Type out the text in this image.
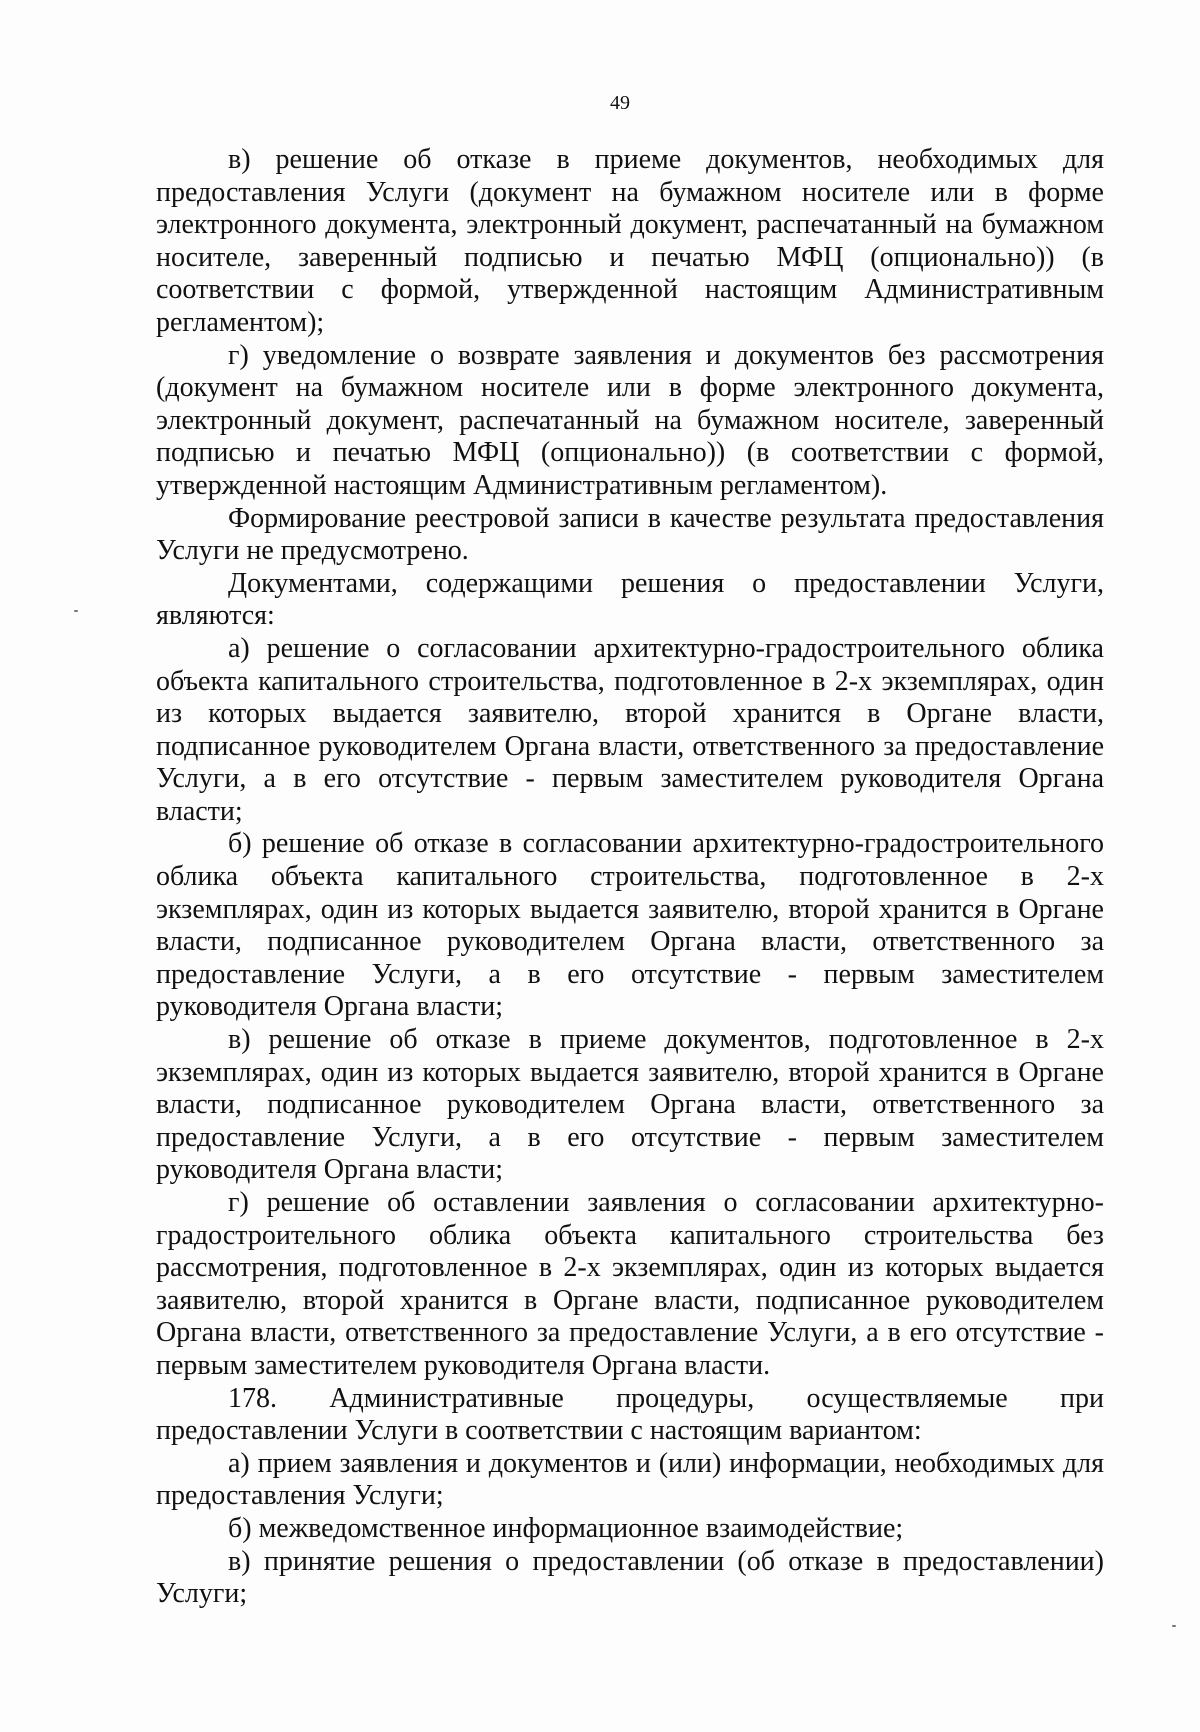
49

в) решение об отказе в приеме документов, необходимых для предоставления Услуги (документ на бумажном носителе или в форме электронного документа, электронный документ, распечатанный на бумажном носителе, заверенный подписью и печатью МФЦ (опционально)) (в соответствии с формой, утвержденной настоящим Административным регламентом);

г) уведомление о возврате заявления и документов без рассмотрения (документ на бумажном носителе или в форме электронного документа, электронный документ, распечатанный на бумажном носителе, заверенный подписью и печатью МФЦ (опционально)) (в соответствии с формой, утвержденной настоящим Административным регламентом).

Формирование реестровой записи в качестве результата предоставления Услуги не предусмотрено.

Документами, содержащими решения о предоставлении Услуги, являются:

а) решение о согласовании архитектурно-градостроительного облика объекта капитального строительства, подготовленное в 2-х экземплярах, один из которых выдается заявителю, второй хранится в Органе власти, подписанное руководителем Органа власти, ответственного за предоставление Услуги, а в его отсутствие - первым заместителем руководителя Органа власти;

б) решение об отказе в согласовании архитектурно-градостроительного облика объекта капитального строительства, подготовленное в 2-х экземплярах, один из которых выдается заявителю, второй хранится в Органе власти, подписанное руководителем Органа власти, ответственного за предоставление Услуги, а в его отсутствие - первым заместителем руководителя Органа власти;

в) решение об отказе в приеме документов, подготовленное в 2-х экземплярах, один из которых выдается заявителю, второй хранится в Органе власти, подписанное руководителем Органа власти, ответственного за предоставление Услуги, а в его отсутствие - первым заместителем руководителя Органа власти;

г) решение об оставлении заявления о согласовании архитектурно-градостроительного облика объекта капитального строительства без рассмотрения, подготовленное в 2-х экземплярах, один из которых выдается заявителю, второй хранится в Органе власти, подписанное руководителем Органа власти, ответственного за предоставление Услуги, а в его отсутствие - первым заместителем руководителя Органа власти.

178. Административные процедуры, осуществляемые при предоставлении Услуги в соответствии с настоящим вариантом:

а) прием заявления и документов и (или) информации, необходимых для предоставления Услуги;

б) межведомственное информационное взаимодействие;

в) принятие решения о предоставлении (об отказе в предоставлении) Услуги;
